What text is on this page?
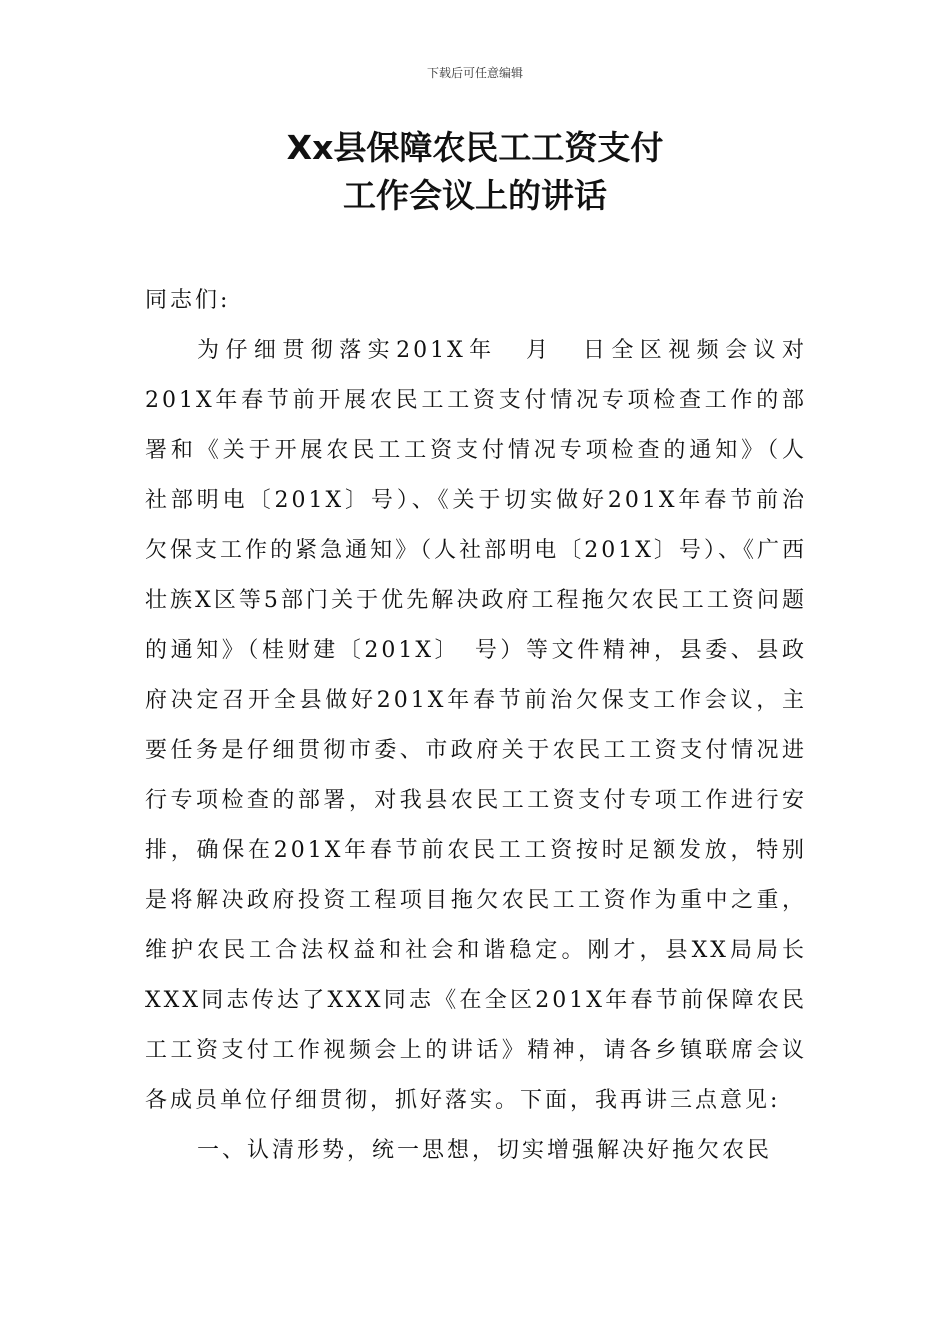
下载后可任意编辑
Xx县保障农民工工资支付
工作会议上的讲话

同志们:

为仔细贯彻落实201X年　月　日全区视频会议对201X年春节前开展农民工工资支付情况专项检查工作的部署和《关于开展农民工工资支付情况专项检查的通知》（人社部明电〔201X〕号）、《关于切实做好201X年春节前治欠保支工作的紧急通知》（人社部明电〔201X〕号）、《广西壮族X区等5部门关于优先解决政府工程拖欠农民工工资问题的通知》（桂财建〔201X〕　号）等文件精神，县委、县政府决定召开全县做好201X年春节前治欠保支工作会议，主要任务是仔细贯彻市委、市政府关于农民工工资支付情况进行专项检查的部署，对我县农民工工资支付专项工作进行安排，确保在201X年春节前农民工工资按时足额发放，特别是将解决政府投资工程项目拖欠农民工工资作为重中之重，维护农民工合法权益和社会和谐稳定。刚才，县XX局局长XXX同志传达了XXX同志《在全区201X年春节前保障农民工工资支付工作视频会上的讲话》精神，请各乡镇联席会议各成员单位仔细贯彻，抓好落实。下面，我再讲三点意见:

一、认清形势，统一思想，切实增强解决好拖欠农民
